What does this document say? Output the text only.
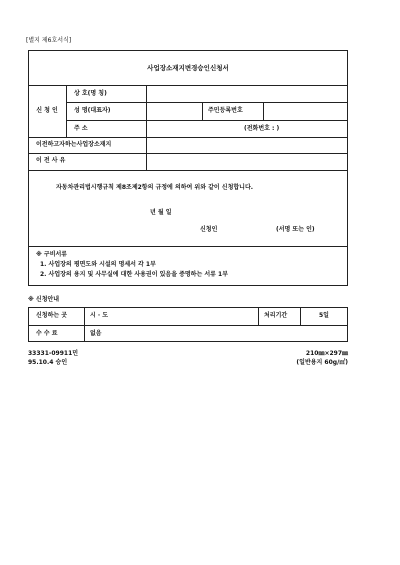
[별지 제6호서식]
사업장소재지변경승인신청서
신 청 인
상 호(명 칭)
성 명(대표자)	주민등록번호
주 소	(전화번호 : )
이전하고자하는사업장소재지
이 전 사 유
자동차관리법시행규칙 제8조제2항의 규정에 의하여 위와 같이 신청합니다.
년 월 일
신청인	(서명 또는 인)
※ 구비서류
1. 사업장의 평면도와 시설의 명세서 각 1부
2. 사업장의 용지 및 사무실에 대한 사용권이 있음을 증명하는 서류 1부
※ 신청안내
신청하는 곳	시 · 도	처리기간	5일
수 수 료	없음
33331-09911민
95.10.4 승인
210㎜×297㎜
(일반용지 60g/㎡)
